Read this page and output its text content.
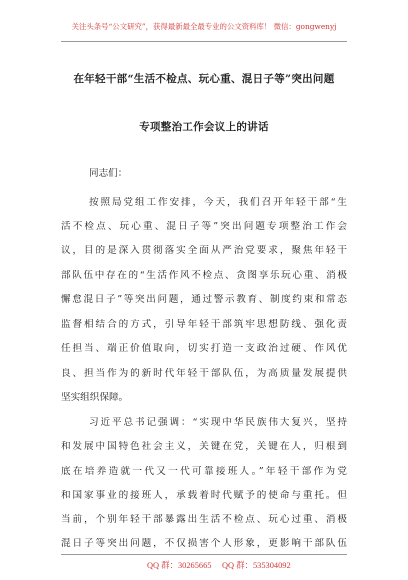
关注头条号“公文研究”，获得最新最全最专业的公文资料库！ 微信：gongwenyj
在年轻干部“生活不检点、玩心重、混日子等”突出问题
专项整治工作会议上的讲话
同志们：
按照局党组工作安排，今天，我们召开年轻干部“生
活不检点、玩心重、混日子等”突出问题专项整治工作会
议，目的是深入贯彻落实全面从严治党要求，聚焦年轻干
部队伍中存在的“生活作风不检点、贪图享乐玩心重、消极
懈怠混日子”等突出问题，通过警示教育、制度约束和常态
监督相结合的方式，引导年轻干部筑牢思想防线、强化责
任担当、端正价值取向，切实打造一支政治过硬、作风优
良、担当作为的新时代年轻干部队伍，为高质量发展提供
坚实组织保障。
习近平总书记强调：“实现中华民族伟大复兴，坚持
和发展中国特色社会主义，关键在党，关键在人，归根到
底在培养造就一代又一代可靠接班人。”年轻干部作为党
和国家事业的接班人，承载着时代赋予的使命与重托。但
当前，个别年轻干部暴露出生活不检点、玩心过重、消极
混日子等突出问题，不仅损害个人形象，更影响干部队伍
QQ 群：30265665 QQ 群：535304092
